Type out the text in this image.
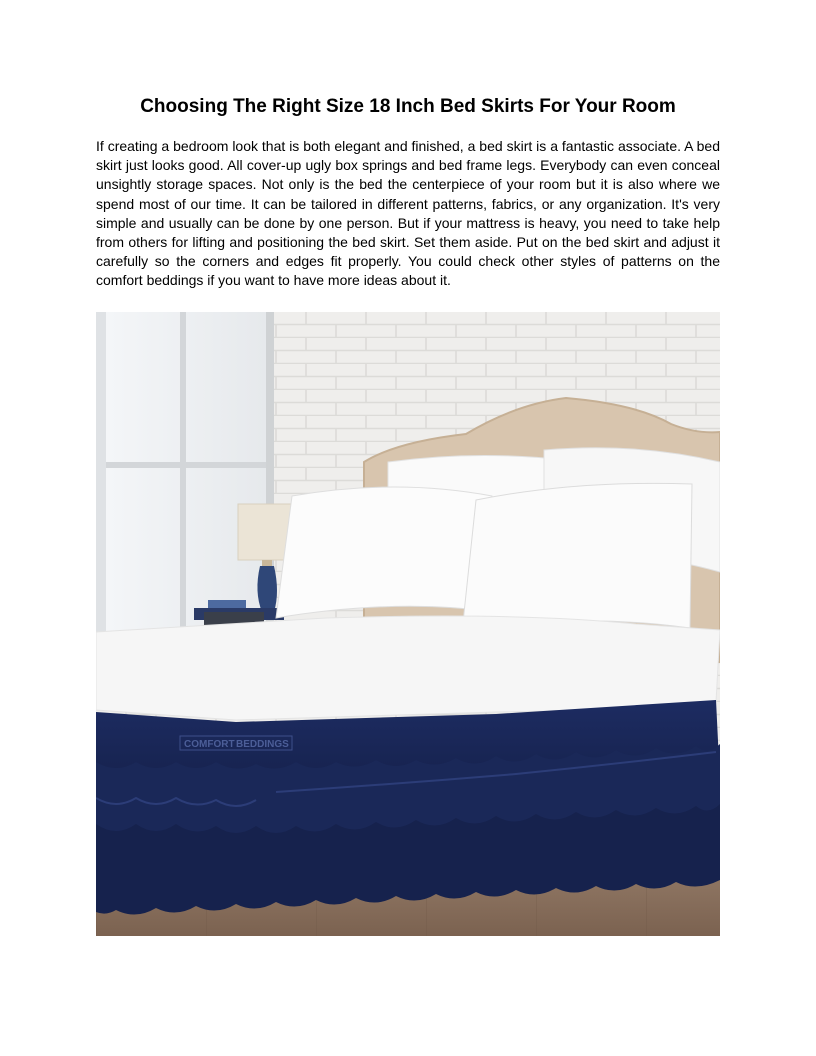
Choosing The Right Size 18 Inch Bed Skirts For Your Room

If creating a bedroom look that is both elegant and finished, a bed skirt is a fantastic associate. A bed skirt just looks good. All cover-up ugly box springs and bed frame legs. Everybody can even conceal unsightly storage spaces. Not only is the bed the centerpiece of your room but it is also where we spend most of our time. It can be tailored in different patterns, fabrics, or any organization. It's very simple and usually can be done by one person. But if your mattress is heavy, you need to take help from others for lifting and positioning the bed skirt. Set them aside. Put on the bed skirt and adjust it carefully so the corners and edges fit properly. You could check other styles of patterns on the comfort beddings if you want to have more ideas about it.

COMFORT BEDDINGS
